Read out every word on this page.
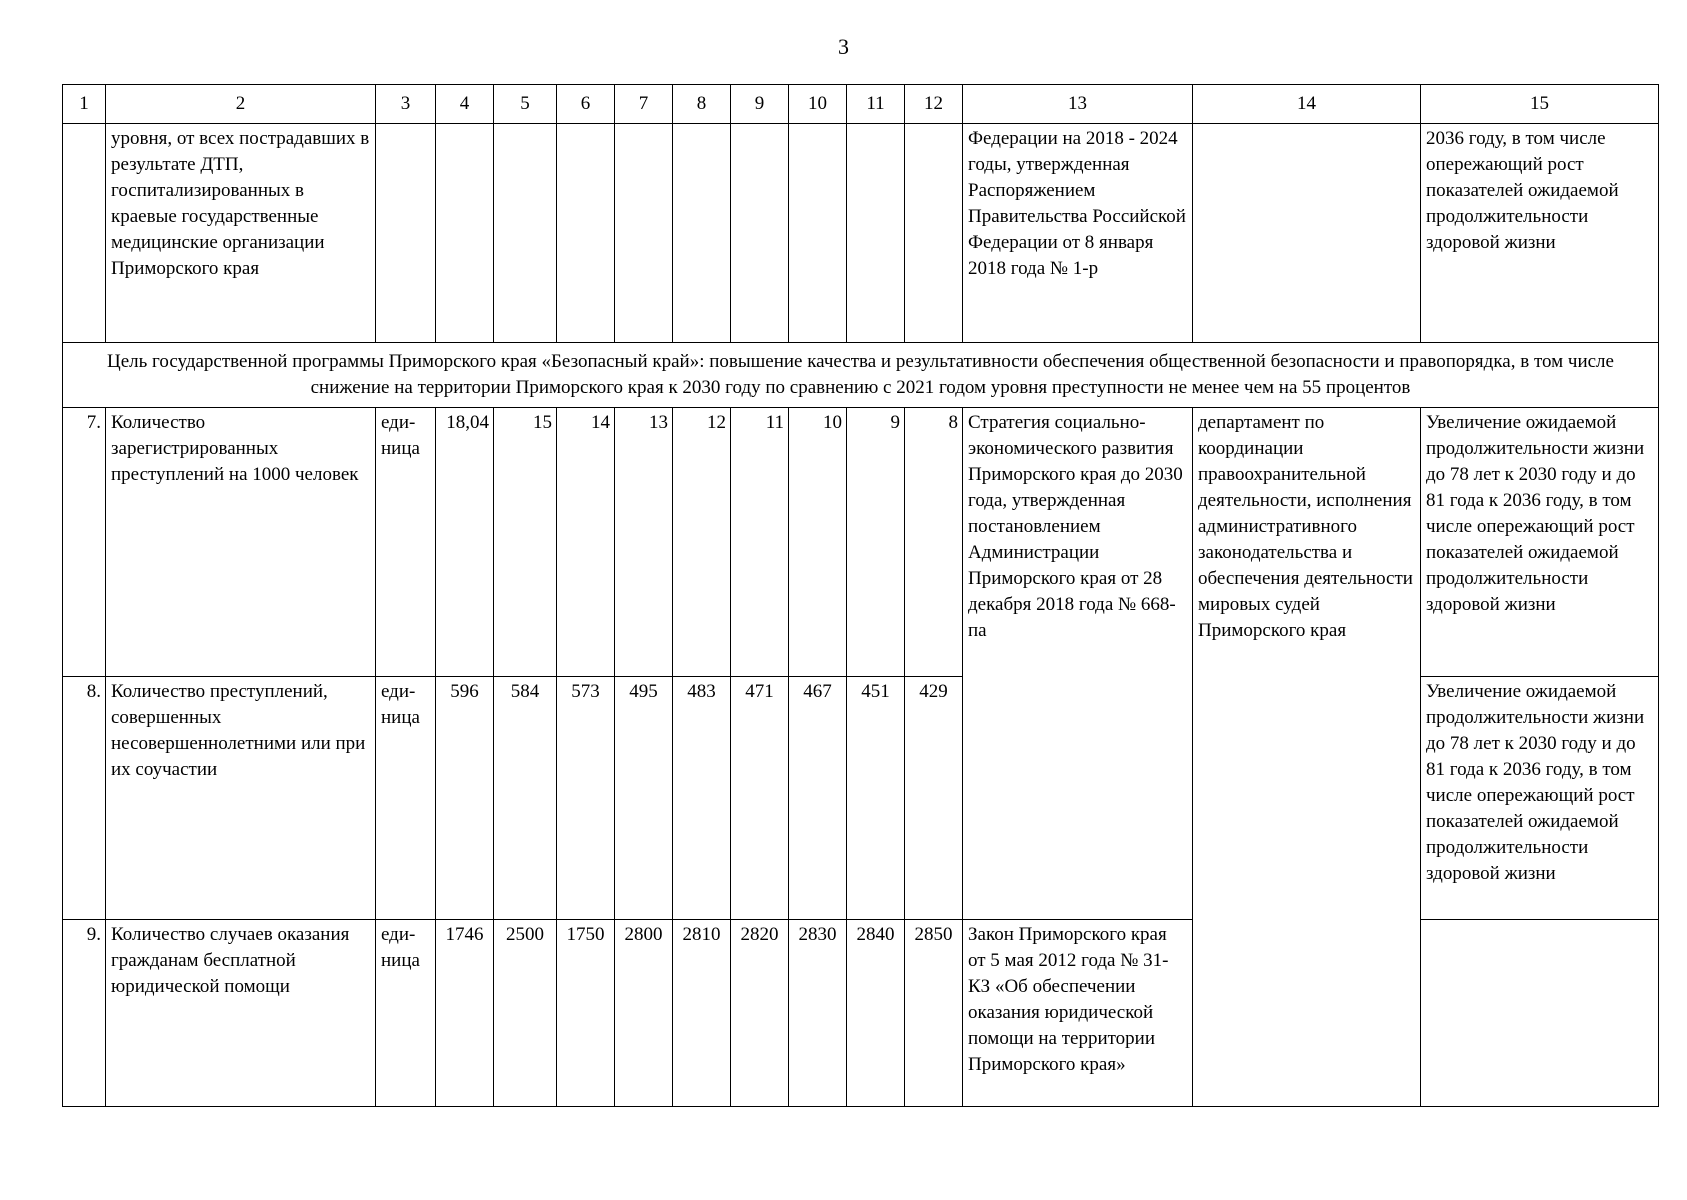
3
1	2	3	4	5	6	7	8	9	10	11	12	13	14	15
	уровня, от всех пострадавших в результате ДТП, госпитализированных в краевые государственные медицинские организации Приморского края											Федерации на 2018 - 2024 годы, утвержденная Распоряжением Правительства Российской Федерации от 8 января 2018 года № 1-р		2036 году, в том числе опережающий рост показателей ожидаемой продолжительности здоровой жизни
Цель государственной программы Приморского края «Безопасный край»: повышение качества и результативности обеспечения общественной безопасности и правопорядка, в том числе снижение на территории Приморского края к 2030 году по сравнению с 2021 годом уровня преступности не менее чем на 55 процентов														
7.	Количество зарегистрированных преступлений на 1000 человек	еди-ница	18,04	15	14	13	12	11	10	9	8	Стратегия социально-экономического развития Приморского края до 2030 года, утвержденная постановлением Администрации Приморского края от 28 декабря 2018 года № 668-па	департамент по координации правоохранительной деятельности, исполнения административного законодательства и обеспечения деятельности мировых судей Приморского края	Увеличение ожидаемой продолжительности жизни до 78 лет к 2030 году и до 81 года к 2036 году, в том числе опережающий рост показателей ожидаемой продолжительности здоровой жизни
8.	Количество преступлений, совершенных несовершеннолетними или при их соучастии	еди-ница	596	584	573	495	483	471	467	451	429			Увеличение ожидаемой продолжительности жизни до 78 лет к 2030 году и до 81 года к 2036 году, в том числе опережающий рост показателей ожидаемой продолжительности здоровой жизни
9.	Количество случаев оказания гражданам бесплатной юридической помощи	еди-ница	1746	2500	1750	2800	2810	2820	2830	2840	2850	Закон Приморского края от 5 мая 2012 года № 31-КЗ «Об обеспечении оказания юридической помощи на территории Приморского края»		
